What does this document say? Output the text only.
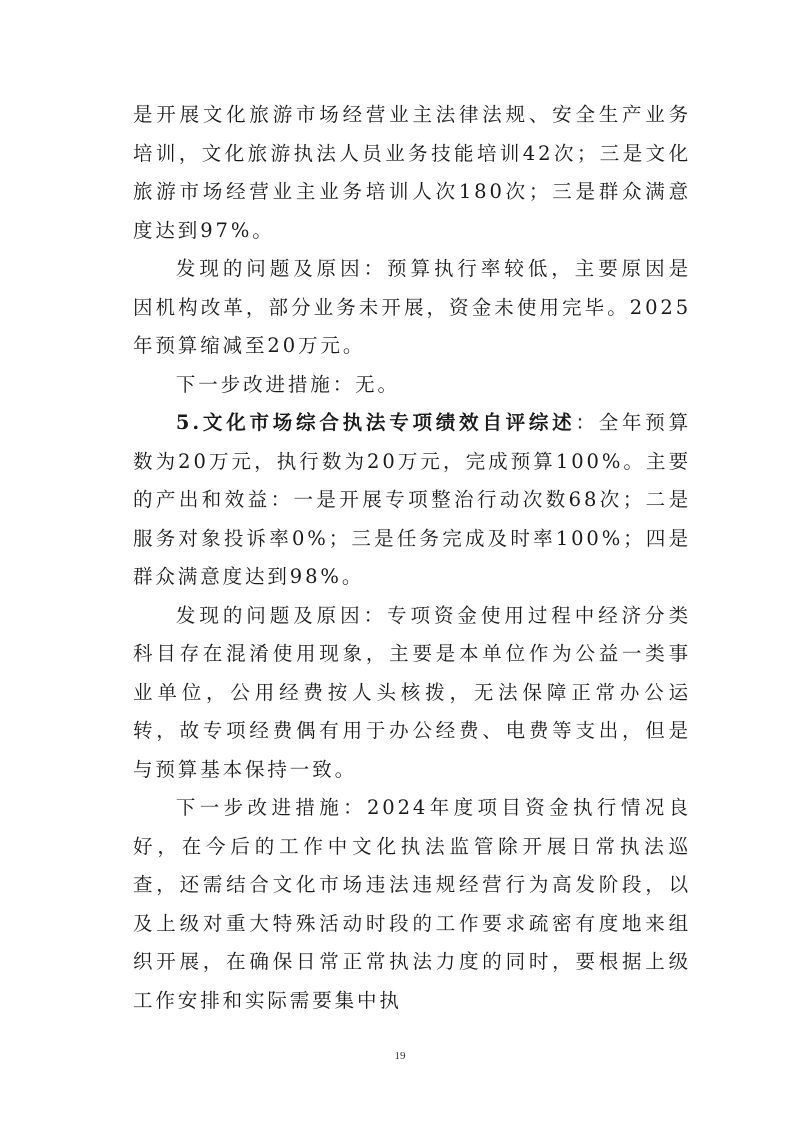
是开展文化旅游市场经营业主法律法规、安全生产业务培训，文化旅游执法人员业务技能培训42次；三是文化旅游市场经营业主业务培训人次180次；三是群众满意度达到97%。

发现的问题及原因：预算执行率较低，主要原因是因机构改革，部分业务未开展，资金未使用完毕。2025年预算缩减至20万元。

下一步改进措施：无。

5.文化市场综合执法专项绩效自评综述：全年预算数为20万元，执行数为20万元，完成预算100%。主要的产出和效益：一是开展专项整治行动次数68次；二是服务对象投诉率0%；三是任务完成及时率100%；四是群众满意度达到98%。

发现的问题及原因：专项资金使用过程中经济分类科目存在混淆使用现象，主要是本单位作为公益一类事业单位，公用经费按人头核拨，无法保障正常办公运转，故专项经费偶有用于办公经费、电费等支出，但是与预算基本保持一致。

下一步改进措施：2024年度项目资金执行情况良好，在今后的工作中文化执法监管除开展日常执法巡查，还需结合文化市场违法违规经营行为高发阶段，以及上级对重大特殊活动时段的工作要求疏密有度地来组织开展，在确保日常正常执法力度的同时，要根据上级工作安排和实际需要集中执

19
